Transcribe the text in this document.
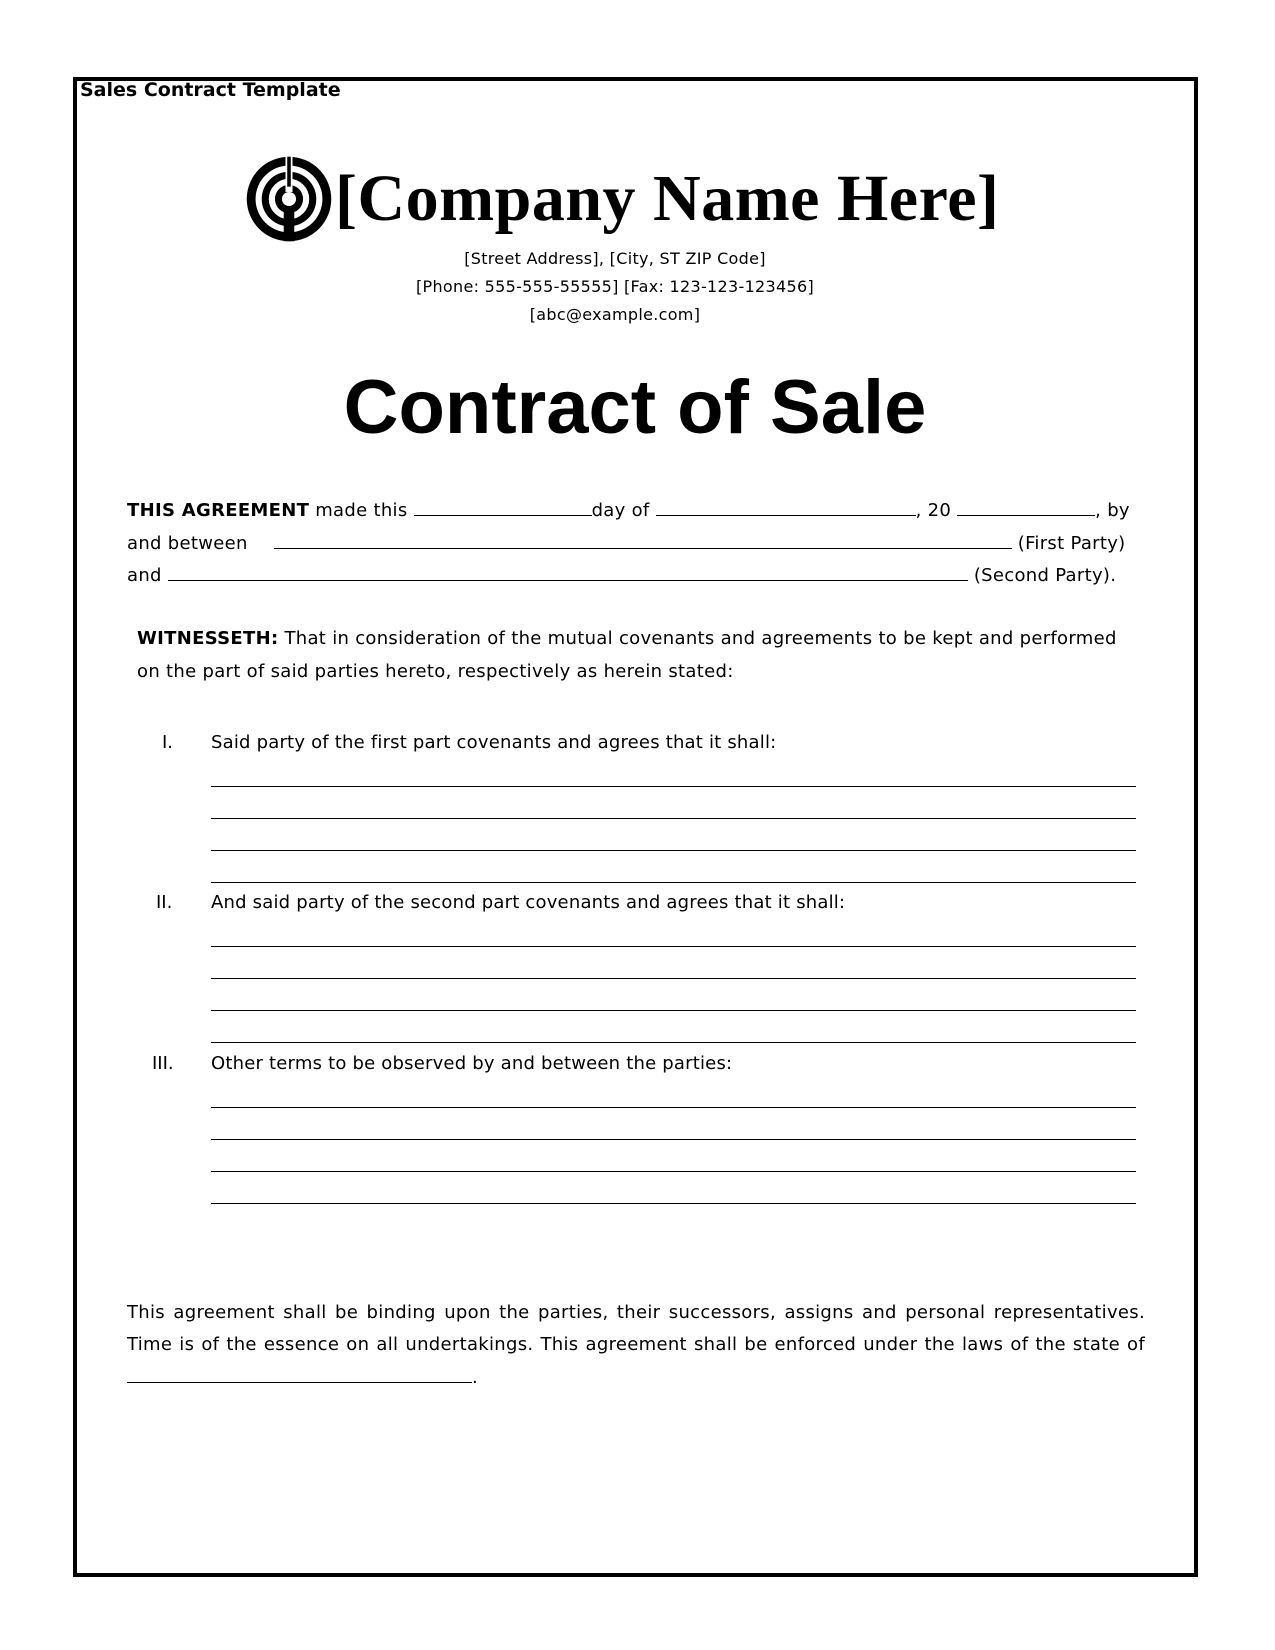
Sales Contract Template
[Company Name Here]
[Street Address], [City, ST ZIP Code]
[Phone: 555-555-55555] [Fax: 123-123-123456]
[abc@example.com]
Contract of Sale
THIS AGREEMENT made this	day of	, 20	, by
and between	(First Party)
and	(Second Party).
WITNESSETH: That in consideration of the mutual covenants and agreements to be kept and performed
on the part of said parties hereto, respectively as herein stated:
I. Said party of the first part covenants and agrees that it shall:
II. And said party of the second part covenants and agrees that it shall:
III. Other terms to be observed by and between the parties:
This agreement shall be binding upon the parties, their successors, assigns and personal representatives.
Time is of the essence on all undertakings. This agreement shall be enforced under the laws of the state of
.
